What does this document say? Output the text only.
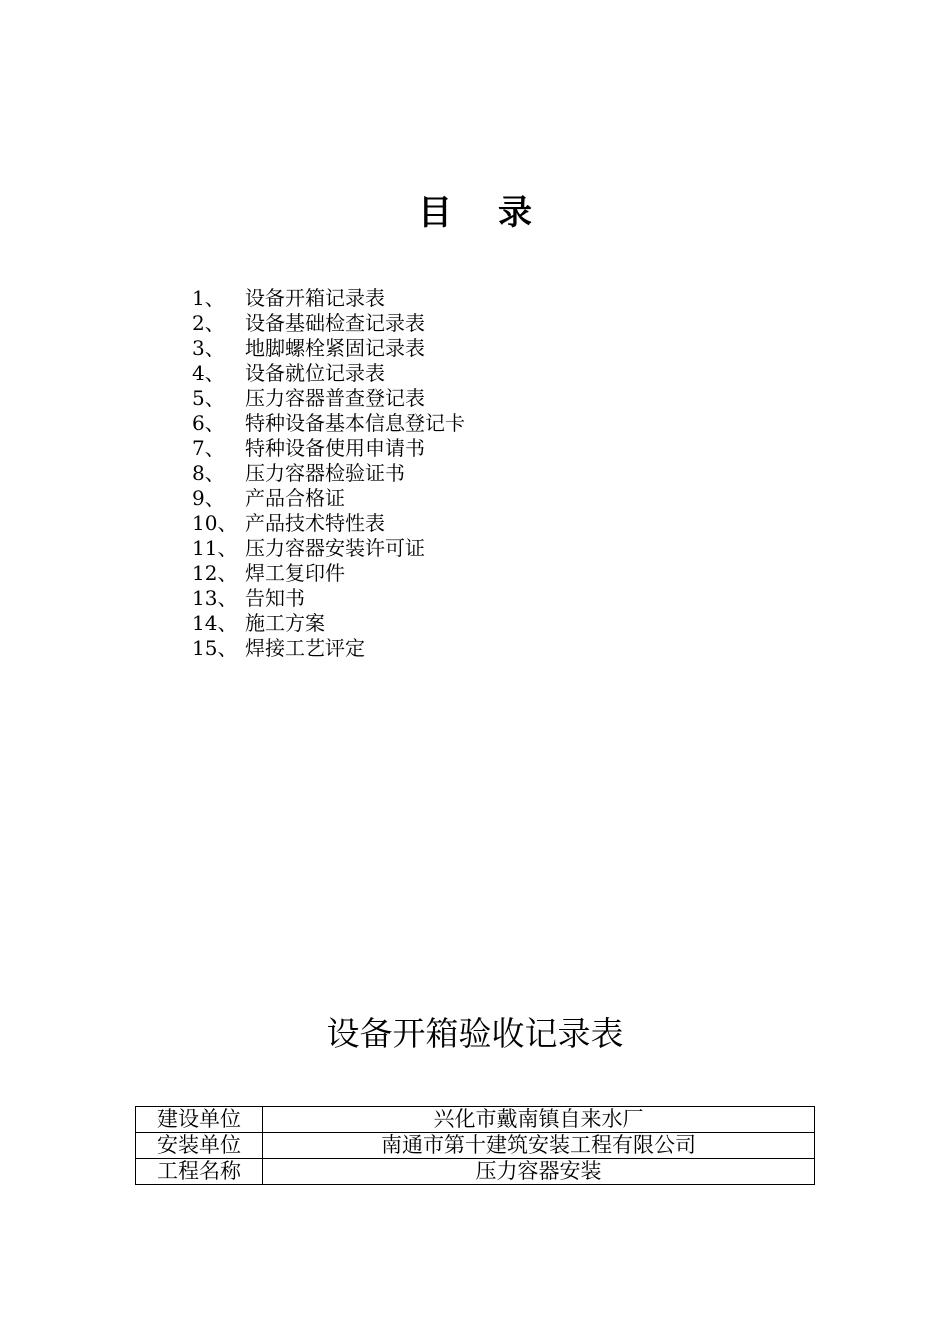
目录
1、	设备开箱记录表
2、	设备基础检查记录表
3、	地脚螺栓紧固记录表
4、	设备就位记录表
5、	压力容器普查登记表
6、	特种设备基本信息登记卡
7、	特种设备使用申请书
8、	压力容器检验证书
9、	产品合格证
10、 产品技术特性表
11、 压力容器安装许可证
12、 焊工复印件
13、 告知书
14、 施工方案
15、 焊接工艺评定
设备开箱验收记录表
建设单位	兴化市戴南镇自来水厂
安装单位	南通市第十建筑安装工程有限公司
工程名称	压力容器安装
